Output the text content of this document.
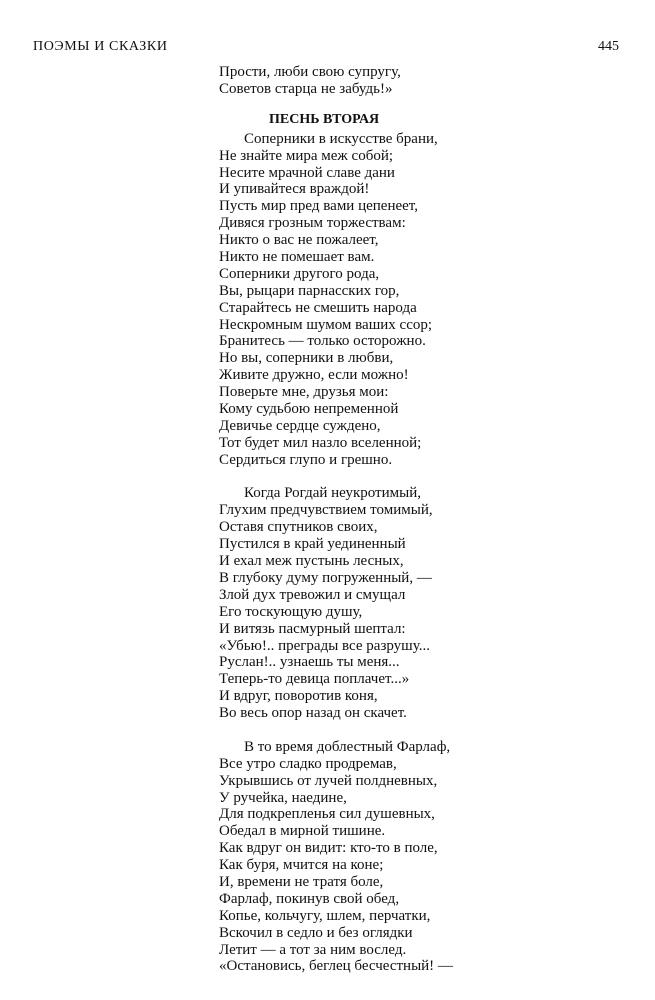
ПОЭМЫ И СКАЗКИ	445
Прости, люби свою супругу,
Советов старца не забудь!»
ПЕСНЬ ВТОРАЯ
Соперники в искусстве брани,
Не знайте мира меж собой;
Несите мрачной славе дани
И упивайтеся враждой!
Пусть мир пред вами цепенеет,
Дивяся грозным торжествам:
Никто о вас не пожалеет,
Никто не помешает вам.
Соперники другого рода,
Вы, рыцари парнасских гор,
Старайтесь не смешить народа
Нескромным шумом ваших ссор;
Бранитесь — только осторожно.
Но вы, соперники в любви,
Живите дружно, если можно!
Поверьте мне, друзья мои:
Кому судьбою непременной
Девичье сердце суждено,
Тот будет мил назло вселенной;
Сердиться глупо и грешно.
Когда Рогдай неукротимый,
Глухим предчувствием томимый,
Оставя спутников своих,
Пустился в край уединенный
И ехал меж пустынь лесных,
В глубоку думу погруженный, —
Злой дух тревожил и смущал
Его тоскующую душу,
И витязь пасмурный шептал:
«Убью!.. преграды все разрушу...
Руслан!.. узнаешь ты меня...
Теперь-то девица поплачет...»
И вдруг, поворотив коня,
Во весь опор назад он скачет.
В то время доблестный Фарлаф,
Все утро сладко продремав,
Укрывшись от лучей полдневных,
У ручейка, наедине,
Для подкрепленья сил душевных,
Обедал в мирной тишине.
Как вдруг он видит: кто-то в поле,
Как буря, мчится на коне;
И, времени не тратя боле,
Фарлаф, покинув свой обед,
Копье, кольчугу, шлем, перчатки,
Вскочил в седло и без оглядки
Летит — а тот за ним вослед.
«Остановись, беглец бесчестный! —
